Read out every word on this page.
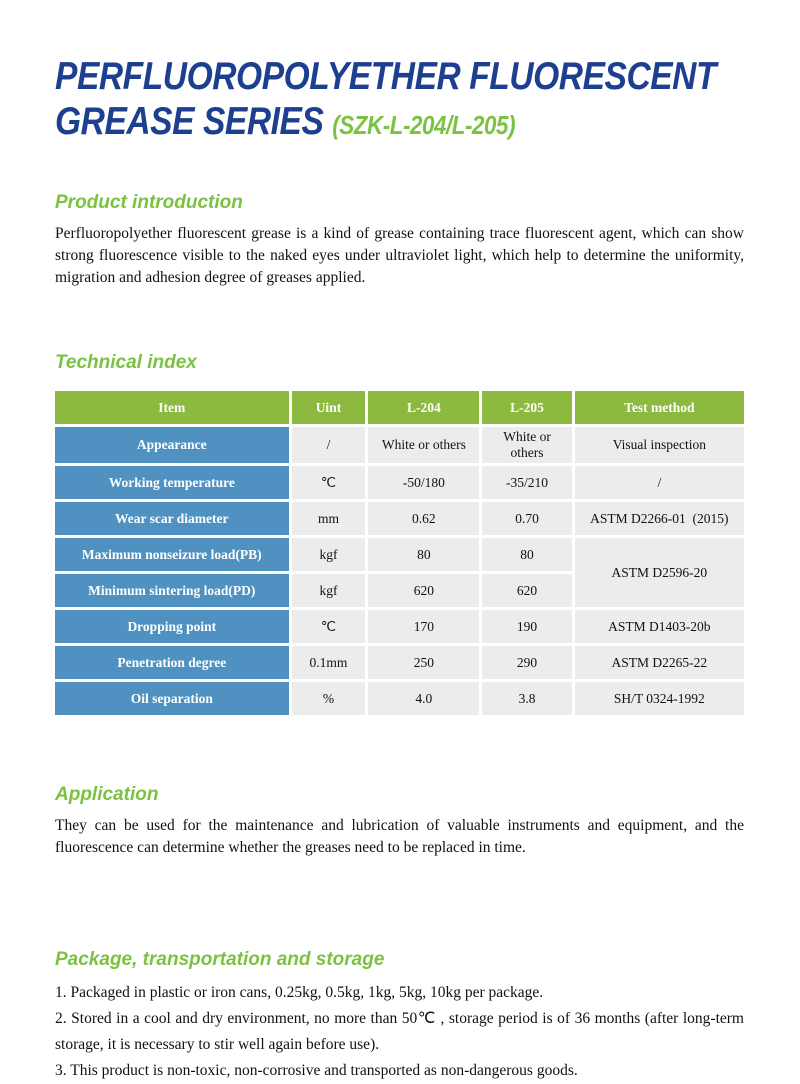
PERFLUOROPOLYETHER FLUORESCENT
GREASE SERIES (SZK-L-204/L-205)
Product introduction

Perfluoropolyether fluorescent grease is a kind of grease containing trace fluorescent agent, which can show strong fluorescence visible to the naked eyes under ultraviolet light, which help to determine the uniformity, migration and adhesion degree of greases applied.

Technical index
Item	Uint	L-204	L-205	Test method
Appearance	/	White or others	White or others	Visual inspection
Working temperature	℃	-50/180	-35/210	/
Wear scar diameter	mm	0.62	0.70	ASTM D2266-01  (2015)
Maximum nonseizure load(PB)	kgf	80	80	ASTM D2596-20
Minimum sintering load(PD)	kgf	620	620	
Dropping point	℃	170	190	ASTM D1403-20b
Penetration degree	0.1mm	250	290	ASTM D2265-22
Oil separation	%	4.0	3.8	SH/T 0324-1992
Application

They can be used for the maintenance and lubrication of valuable instruments and equipment, and the fluorescence can determine whether the greases need to be replaced in time.

Package, transportation and storage

1. Packaged in plastic or iron cans, 0.25kg, 0.5kg, 1kg, 5kg, 10kg per package.

2. Stored in a cool and dry environment, no more than 50℃ , storage period is of 36 months (after long-term storage, it is necessary to stir well again before use).

3. This product is non-toxic, non-corrosive and transported as non-dangerous goods.
